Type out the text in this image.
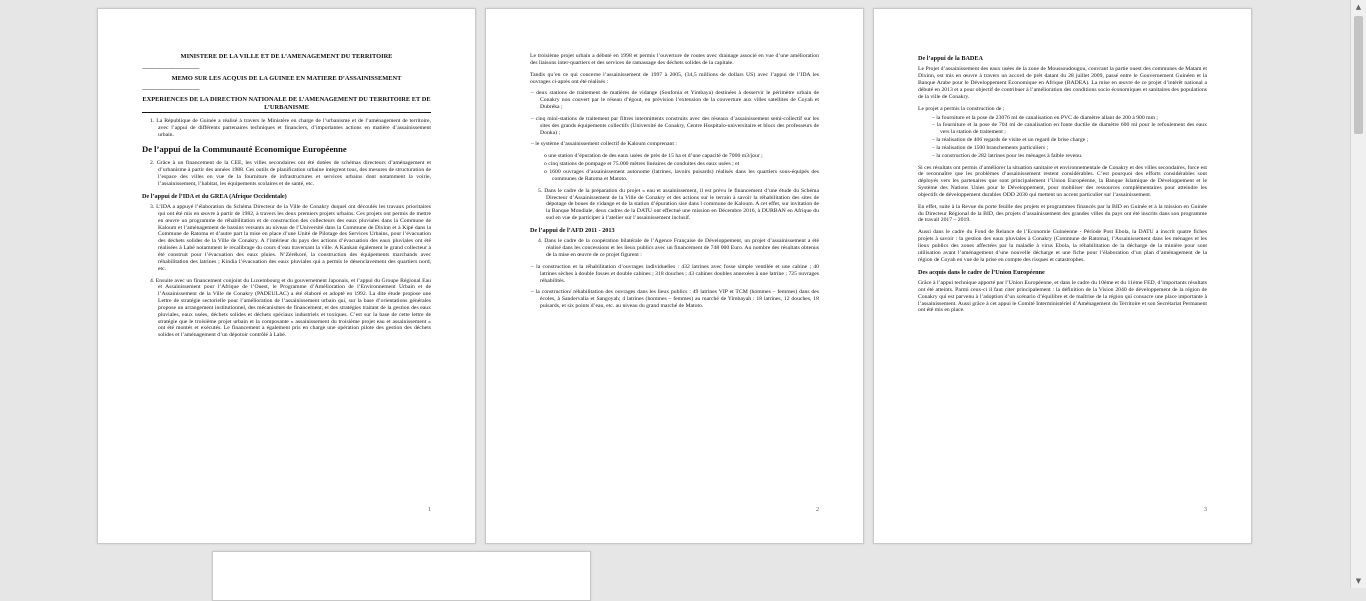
MINISTERE DE LA VILLE ET DE L’AMENAGEMENT DU TERRITOIRE

-----------------------------------------

MEMO SUR LES ACQUIS DE LA GUINEE EN MATIERE D’ASSAINISSEMENT

-----------------------------------------

EXPERIENCES DE LA DIRECTION NATIONALE DE L’AMENAGEMENT DU TERRITOIRE ET DE L’URBANISME

1. La République de Guinée a réalisé à travers le Ministère en charge de l’urbanisme et de l’aménagement de territoire, avec l’appui de différents partenaires techniques et financiers, d’importantes actions en matière d’assainissement urbain.

De l’appui de la Communauté Economique Européenne

2. Grâce à un financement de la CEE, les villes secondaires ont été dotées de schémas directeurs d’aménagement et d’urbanisme à partir des années 1988. Ces outils de planification urbaine intègrent tous, des mesures de structuration de l’espace des villes en vue de la fourniture de infrastructures et services urbains dont notamment la voirie, l’assainissement, l’habitat, les équipements scolaires et de santé, etc.

De l’appui de l’IDA et du GREA (Afrique Occidentale)

3. L’IDA a appuyé l’élaboration du Schéma Directeur de la Ville de Conakry duquel ont découlés les travaux prioritaires qui ont été mis en œuvre à partir de 1982, à travers les deux premiers projets urbains. Ces projets ont permis de mettre en œuvre un programme de réhabilitation et de construction des collecteurs des eaux pluviales dans la Commune de Kaloum et l’aménagement de bassins versants au niveau de l’Université dans la Commune de Dixinn et à Kipé dans la Commune de Ratoma et d’autre part la mise en place d’une Unité de Pilotage des Services Urbains, pour l’évacuation des déchets solides de la Ville de Conakry. A l’intérieur du pays des actions d’évacuation des eaux pluviales ont été réalisées à Labé notamment le recalibrage du cours d’eau traversant la ville. A Kankan également le grand collecteur a été construit pour l’évacuation des eaux pluies. N’Zérékoré, la construction des équipements marchands avec réhabilitation des latrines ; Kindia l’évacuation des eaux pluviales qui a permis le désenclavement des quartiers nord, etc.

4. Ensuite avec un financement conjoint du Luxembourg et du gouvernement Japonais, et l’appui du Groupe Régional Eau et Assainissement pour l’Afrique de l’Ouest, le Programme d’Amélioration de l’Environnement Urbain et de l’Assainissement de la Ville de Conakry (PADEULAC) a été élaboré et adopté en 1992. La dite étude propose une Lettre de stratégie sectorielle pour l’amélioration de l’assainissement urbain qui, sur la base d’orientations générales propose un arrangement institutionnel, des mécanismes de financement, et des stratégies traitant de la gestion des eaux pluviales, eaux usées, déchets solides et déchets spéciaux industriels et toxiques. C’est sur la base de cette lettre de stratégie que le troisième projet urbain et la composante « assainissement du troisième projet eau et assainissement » ont été montés et exécutés. Le financement a également pris en charge une opération pilote des gestion des déchets solides et l’aménagement d’un dépotoir contrôlé à Labé.

1

Le troisième projet urbain a débuté en 1998 et permis l’ouverture de routes avec drainage associé en vue d’une amélioration des liaisons inter-quartiers et des services de ramassage des déchets solides de la capitale.

Tandis qu’en ce qui concerne l’assainissement de 1997 à 2005, (34,5 millions de dollars US) avec l’appui de l’IDA les ouvrages ci-après ont été réalisés :

– deux stations de traitement de matières de vidange (Sonfonia et Yimbaya) destinées à desservir le périmètre urbain de Conakry non couvert par le réseau d’égout, en prévision l’extension de la couverture aux villes satellites de Coyah et Dubréka ;

– cinq mini-stations de traitement par filtres intermittents construits avec des réseaux d’assainissement semi-collectif sur les sites des grands équipements collectifs (Université de Conakry, Centre Hospitalo-universitaire et blocs des professeurs de Donka) ;

– le système d’assainissement collectif de Kaloum comprenant :

o une station d’épuration de des eaux usées de près de 15 ha et d’une capacité de 7000 m3/jour ;

o cinq stations de pompage et 75.000 mètres linéaires de conduites des eaux usées ; et

o 1600 ouvrages d’assainissement autonome (latrines, lavoirs puisards) réalisés dans les quartiers sous-équipés des communes de Ratoma et Matoto.

5. Dans le cadre de la préparation du projet « eau et assainissement, il est prévu le financement d’une étude du Schéma Directeur d’Assainissement de la Ville de Conakry et des actions sur le terrain à savoir la réhabilitation des sites de dépotage de boues de vidange et de la station d’épuration sise dans l commune de Kaloum. A cet effet, sur invitation de la Banque Mondiale, deux cadres de la DATU ont effectué une mission en Décembre 2016, à DURBAN en Afrique du sud en vue de participer à l’atelier sur l’assainissement inclusif.

De l’appui de l’AFD 2011 - 2013

4. Dans le cadre de la coopération bilatérale de l’Agence Française de Développement, un projet d’assainissement a été réalisé dans les concessions et les lieux publics avec un financement de 748 000 Euro. Au nombre des résultats obtenus de la mise en œuvre de ce projet figurent :

– la construction et la réhabilitation d’ouvrages individuelles : 432 latrines avec fosse simple ventilée et une cabine ; 40 latrines sèches à double fosses et double cabines ; 318 douches ; 43 cabines doubles annexées à une latrine ; 725 ouvrages réhabilités.

– la construction/ réhabilitation des ouvrages dans les lieux publics : 49 latrines VIP et TCM (hommes – femmes) dans des écoles, à Sandervalia et Sangoyah; 4 latrines (hommes – femmes) au marché de Yimbayah : 18 latrines, 12 douches, 18 puisards, et six points d’eau, etc. au niveau du grand marché de Matoto.

2
De l’appui de la BADEA

Le Projet d’assainissement des eaux usées de la zone de Moussoudougou, couvrant la partie ouest des communes de Matam et Dixinn, est mis en œuvre à travers un accord de prêt datant du 28 juillet 2009, passé entre le Gouvernement Guinéen et la Banque Arabe pour le Développement Economique en Afrique (BADEA). La mise en œuvre de ce projet d’intérêt national a débuté en 2013 et a pour objectif de contribuer à l’amélioration des conditions socio économiques et sanitaires des populations de la ville de Conakry.

Le projet a permis la construction de ;

– la fourniture et la pose de 23076 ml de canalisation en PVC de diamètre allant de 200 à 900 mm ;

– la fourniture et la pose de 704 ml de canalisation en fonte ductile de diamètre 600 ml pour le refoulement des eaux vers la station de traitement ;

– la réalisation de 406 regards de visite et un regard de brise charge ;

– la réalisation de 1500 branchements particuliers ;

– la construction de 282 latrines pour les ménages à faible revenu.

Si ces résultats ont permis d’améliorer la situation sanitaire et environnementale de Conakry et des villes secondaires, force est de reconnaître que les problèmes d’assainissement restent considérables. C’est pourquoi des efforts considérables sont déployés vers les partenaires que sont principalement l’Union Européenne, la Banque Islamique de Développement et le Système des Nations Unies pour le Développement, pour mobiliser des ressources complémentaires pour atteindre les objectifs de développement durables ODD 2030 qui mettent un accent particulier sur l’assainissement.

En effet, suite à la Revue du porte feuille des projets et programmes financés par la BID en Guinée et à la mission en Guinée du Directeur Régional de la BID, des projets d’assainissement des grandes villes du pays ont été inscrits dans son programme de travail 2017 – 2019.

Aussi dans le cadre du Fond de Relance de l’Economie Guinéenne - Période Post Ebola, la DATU a inscrit quatre fiches projets à savoir : la gestion des eaux pluviales à Conakry (Commune de Ratoma), l’Assainissement dans les ménages et les lieux publics des zones affectées par la maladie à virus Ebola, la réhabilitation de la décharge de la minière pour sont utilisation avant l’aménagement d’une nouvelle décharge et une fiche pour l’élaboration d’un plan d’aménagement de la région de Coyah en vue de la prise en compte des risques et catastrophes.

Des acquis dans le cadre de l’Union Européenne

Grâce à l’appui technique apporté par l’Union Européenne, et dans le cadre du 10ème et du 11ème FED, d’importants résultats ont été atteints. Parmi ceux-ci il faut citer principalement : la définition de la Vision 2040 de développement de la région de Conakry qui est parvenu à l’adoption d’un scénario d’équilibre et de maîtrise de la région qui consacre une place importante à l’assainissement. Aussi grâce à cet appui le Comité Interministériel d’Aménagement du Territoire et son Secrétariat Permanent ont été mis en place.

3
▲
▼
